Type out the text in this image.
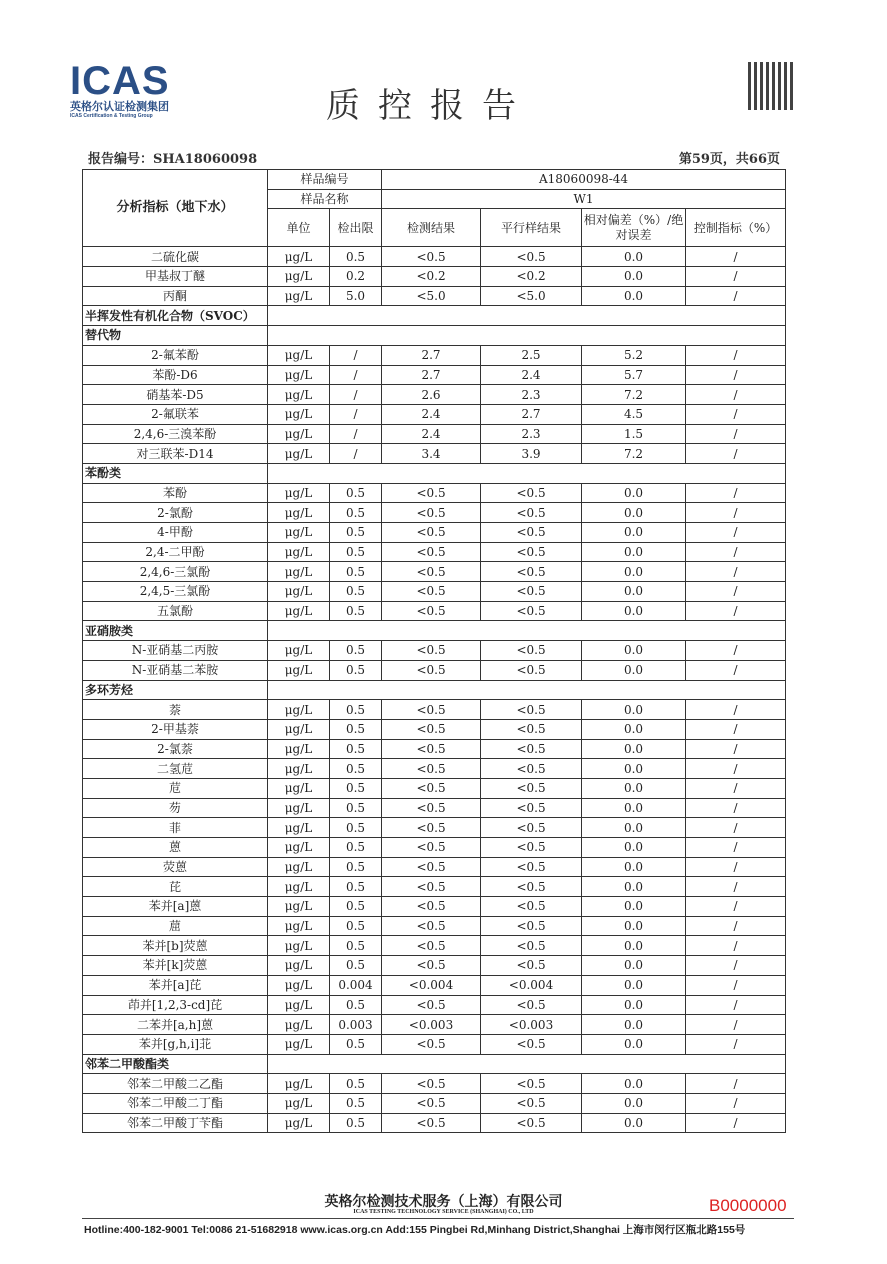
ICAS
英格尔认证检测集团
ICAS Certification & Testing Group	质控报告
报告编号：SHA18060098	第59页，共66页
分析指标（地下水）	样品编号		A18060098-44			
	样品名称		W1			
	单位	检出限	检测结果	平行样结果	相对偏差（%）/绝对误差	控制指标（%）
二硫化碳	μg/L	0.5	<0.5	<0.5	0.0	/
甲基叔丁醚	μg/L	0.2	<0.2	<0.2	0.0	/
丙酮	μg/L	5.0	<5.0	<5.0	0.0	/
半挥发性有机化合物（SVOC）						
替代物						
2-氟苯酚	μg/L	/	2.7	2.5	5.2	/
苯酚-D6	μg/L	/	2.7	2.4	5.7	/
硝基苯-D5	μg/L	/	2.6	2.3	7.2	/
2-氟联苯	μg/L	/	2.4	2.7	4.5	/
2,4,6-三溴苯酚	μg/L	/	2.4	2.3	1.5	/
对三联苯-D14	μg/L	/	3.4	3.9	7.2	/
苯酚类						
苯酚	μg/L	0.5	<0.5	<0.5	0.0	/
2-氯酚	μg/L	0.5	<0.5	<0.5	0.0	/
4-甲酚	μg/L	0.5	<0.5	<0.5	0.0	/
2,4-二甲酚	μg/L	0.5	<0.5	<0.5	0.0	/
2,4,6-三氯酚	μg/L	0.5	<0.5	<0.5	0.0	/
2,4,5-三氯酚	μg/L	0.5	<0.5	<0.5	0.0	/
五氯酚	μg/L	0.5	<0.5	<0.5	0.0	/
亚硝胺类						
N-亚硝基二丙胺	μg/L	0.5	<0.5	<0.5	0.0	/
N-亚硝基二苯胺	μg/L	0.5	<0.5	<0.5	0.0	/
多环芳烃						
萘	μg/L	0.5	<0.5	<0.5	0.0	/
2-甲基萘	μg/L	0.5	<0.5	<0.5	0.0	/
2-氯萘	μg/L	0.5	<0.5	<0.5	0.0	/
二氢苊	μg/L	0.5	<0.5	<0.5	0.0	/
苊	μg/L	0.5	<0.5	<0.5	0.0	/
芴	μg/L	0.5	<0.5	<0.5	0.0	/
菲	μg/L	0.5	<0.5	<0.5	0.0	/
蒽	μg/L	0.5	<0.5	<0.5	0.0	/
荧蒽	μg/L	0.5	<0.5	<0.5	0.0	/
芘	μg/L	0.5	<0.5	<0.5	0.0	/
苯并[a]蒽	μg/L	0.5	<0.5	<0.5	0.0	/
䓛	μg/L	0.5	<0.5	<0.5	0.0	/
苯并[b]荧蒽	μg/L	0.5	<0.5	<0.5	0.0	/
苯并[k]荧蒽	μg/L	0.5	<0.5	<0.5	0.0	/
苯并[a]芘	μg/L	0.004	<0.004	<0.004	0.0	/
茚并[1,2,3-cd]芘	μg/L	0.5	<0.5	<0.5	0.0	/
二苯并[a,h]蒽	μg/L	0.003	<0.003	<0.003	0.0	/
苯并[g,h,i]苝	μg/L	0.5	<0.5	<0.5	0.0	/
邻苯二甲酸酯类						
邻苯二甲酸二乙酯	μg/L	0.5	<0.5	<0.5	0.0	/
邻苯二甲酸二丁酯	μg/L	0.5	<0.5	<0.5	0.0	/
邻苯二甲酸丁苄酯	μg/L	0.5	<0.5	<0.5	0.0	/
英格尔检测技术服务（上海）有限公司
ICAS TESTING TECHNOLOGY SERVICE (SHANGHAI) CO., LTD	B0000000
Hotline:400-182-9001 Tel:0086 21-51682918 www.icas.org.cn Add:155 Pingbei Rd,Minhang District,Shanghai 上海市闵行区瓶北路155号
